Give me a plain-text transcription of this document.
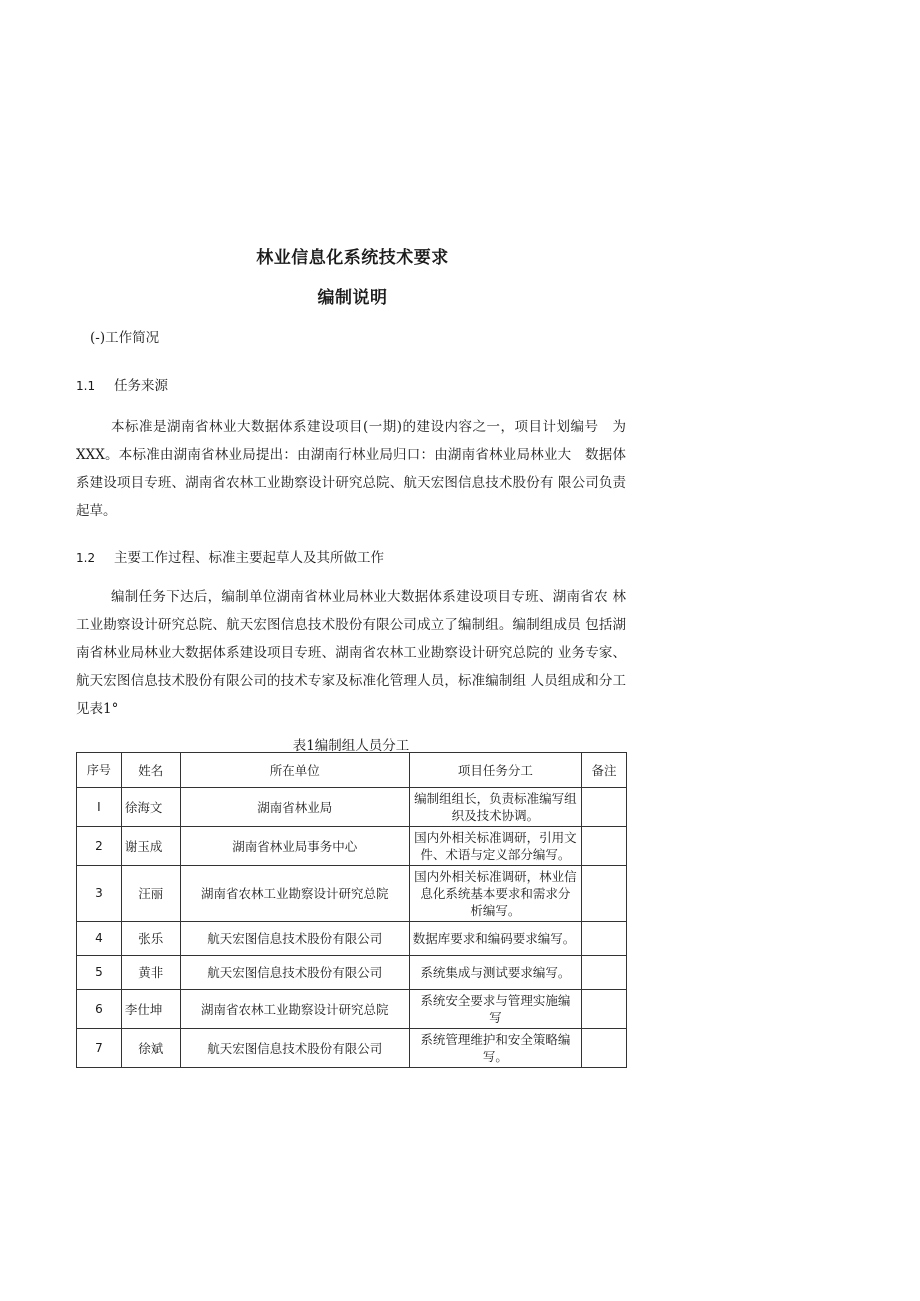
林业信息化系统技术要求
编制说明
(-)工作简况
1.1 任务来源

本标准是湖南省林业大数据体系建设项目(一期)的建设内容之一，项目计划编号　为XXX。本标准由湖南省林业局提出：由湖南行林业局归口：由湖南省林业局林业大　数据体系建设项目专班、湖南省农林工业勘察设计研究总院、航天宏图信息技术股份有 限公司负责起草。

1.2 主要工作过程、标准主要起草人及其所做工作

编制任务下达后，编制单位湖南省林业局林业大数据体系建设项目专班、湖南省农 林工业勘察设计研究总院、航天宏图信息技术股份有限公司成立了编制组。编制组成员 包括湖南省林业局林业大数据体系建设项目专班、湖南省农林工业勘察设计研究总院的 业务专家、航天宏图信息技术股份有限公司的技术专家及标准化管理人员，标准编制组 人员组成和分工见表1°

表1编制组人员分工
序号	姓名	所在单位	项目任务分工	备注
I	徐海文	湖南省林业局	编制组组长，负责标准编写组织及技术协调。	
2	谢玉成	湖南省林业局事务中心	国内外相关标准调研，引用文件、术语与定义部分编写。	
3	汪丽	湖南省农林工业勘察设计研究总院	国内外相关标准调研，林业信息化系统基本要求和需求分 析编写。	
4	张乐	航天宏图信息技术股份有限公司	数据库要求和编码要求编写。	
5	黄非	航天宏图信息技术股份有限公司	系统集成与测试要求编写。	
6	李仕坤	湖南省农林工业勘察设计研究总院	系统安全要求与管理实施编 写	
7	徐斌	航天宏图信息技术股份有限公司	系统管理维护和安全策略编写。	
